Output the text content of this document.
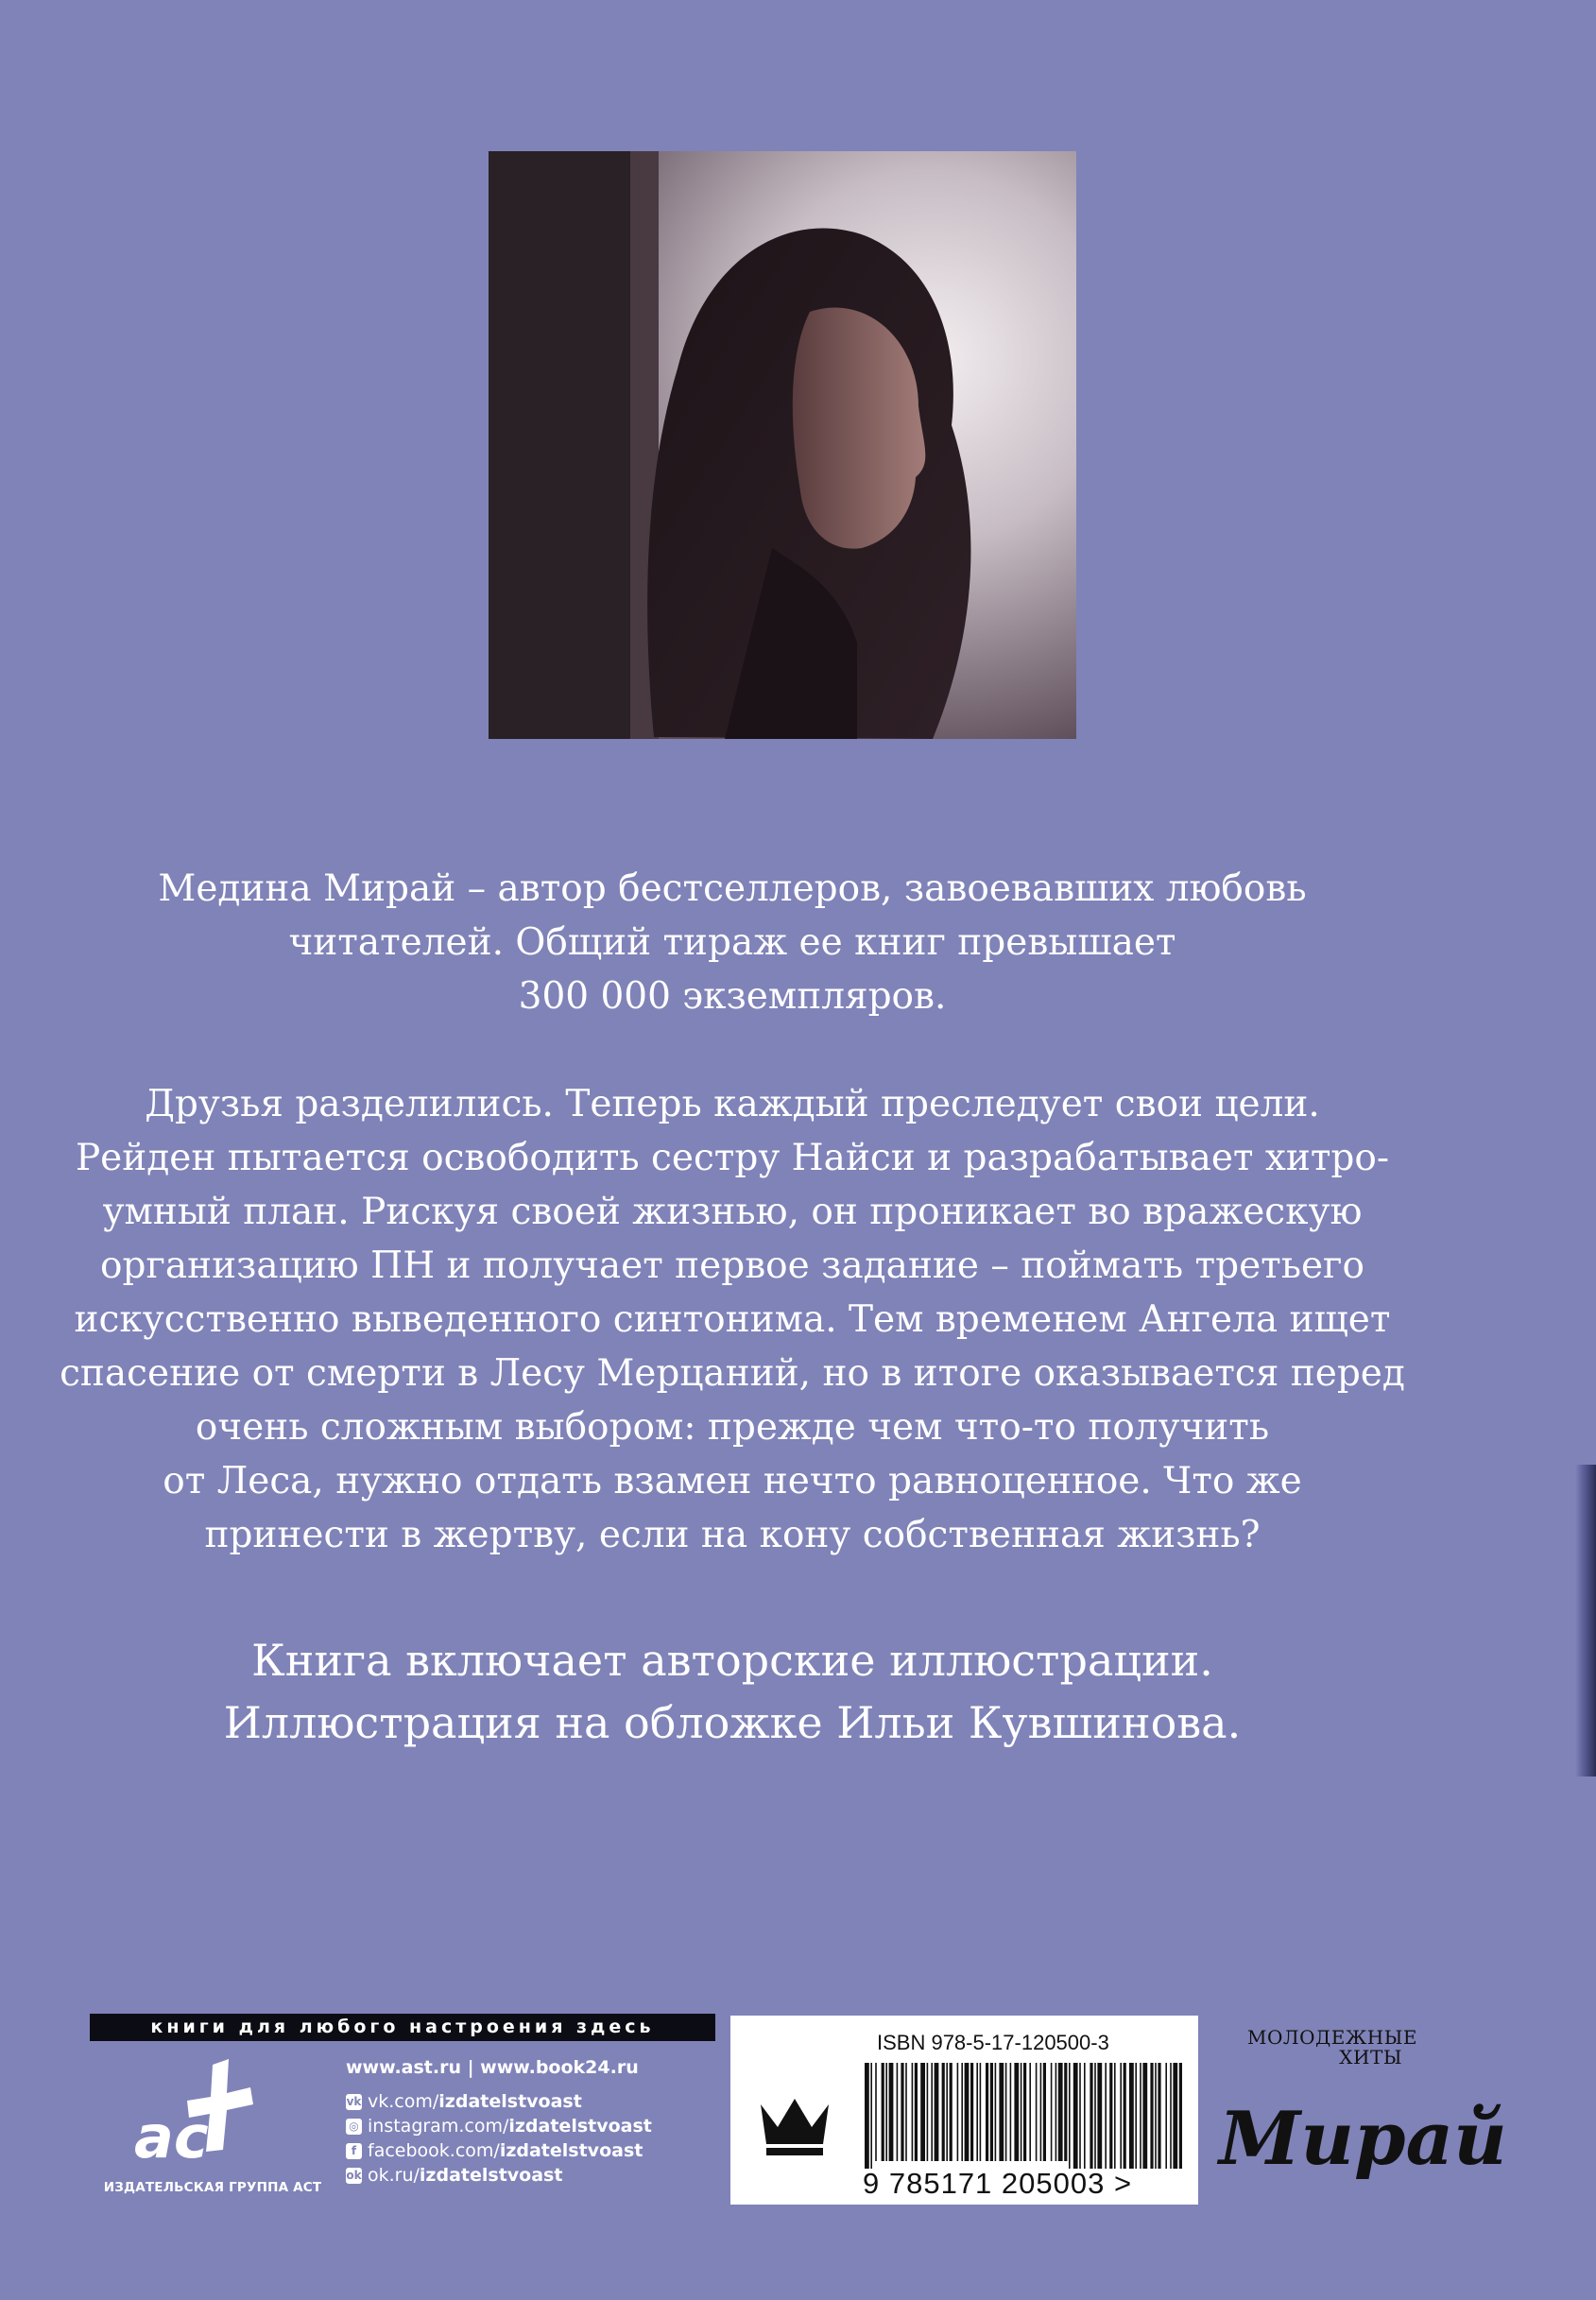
Медина Мирай – автор бестселлеров, завоевавших любовь
читателей. Общий тираж ее книг превышает
300 000 экземпляров.
Друзья разделились. Теперь каждый преследует свои цели.
Рейден пытается освободить сестру Найси и разрабатывает хитро-
умный план. Рискуя своей жизнью, он проникает во вражескую
организацию ПН и получает первое задание – поймать третьего
искусственно выведенного синтонима. Тем временем Ангела ищет
спасение от смерти в Лесу Мерцаний, но в итоге оказывается перед
очень сложным выбором: прежде чем что-то получить
от Леса, нужно отдать взамен нечто равноценное. Что же
принести в жертву, если на кону собственная жизнь?
Книга включает авторские иллюстрации.
Иллюстрация на обложке Ильи Кувшинова.
книги для любого настроения здесь
ac
ИЗДАТЕЛЬСКАЯ ГРУППА АСТ
www.ast.ru | www.book24.ru
vk vk.com/ izdatelstvoast
◎ instagram.com/ izdatelstvoast
f facebook.com/ izdatelstvoast
ok ok.ru/ izdatelstvoast
ISBN 978-5-17-120500-3
9 785171 205003 >
МОЛОДЕЖНЫЕ
ХИТЫ
Мирай
